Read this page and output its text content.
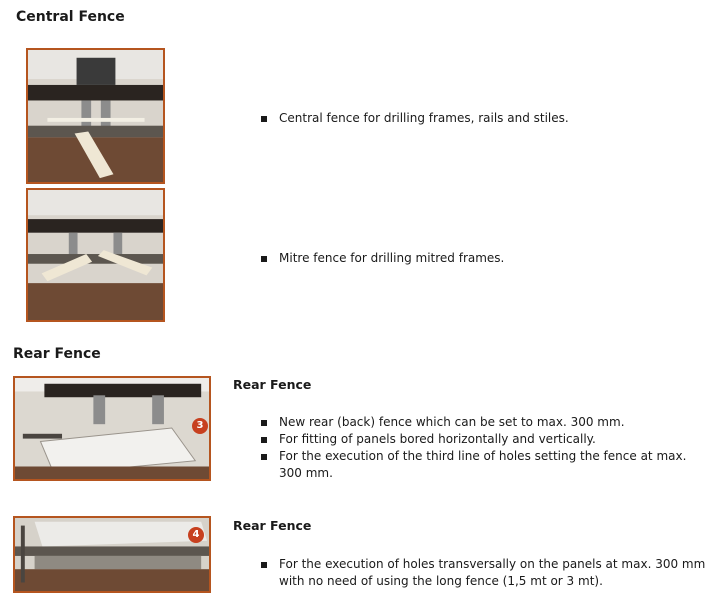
Central Fence
Central fence for drilling frames, rails and stiles.
Mitre fence for drilling mitred frames.
Rear Fence
3
Rear Fence
New rear (back) fence which can be set to max. 300 mm.
For fitting of panels bored horizontally and vertically.
For the execution of the third line of holes setting the fence at max. 300 mm.
4
Rear Fence
For the execution of holes transversally on the panels at max. 300 mm with no need of using the long fence (1,5 mt or 3 mt).
